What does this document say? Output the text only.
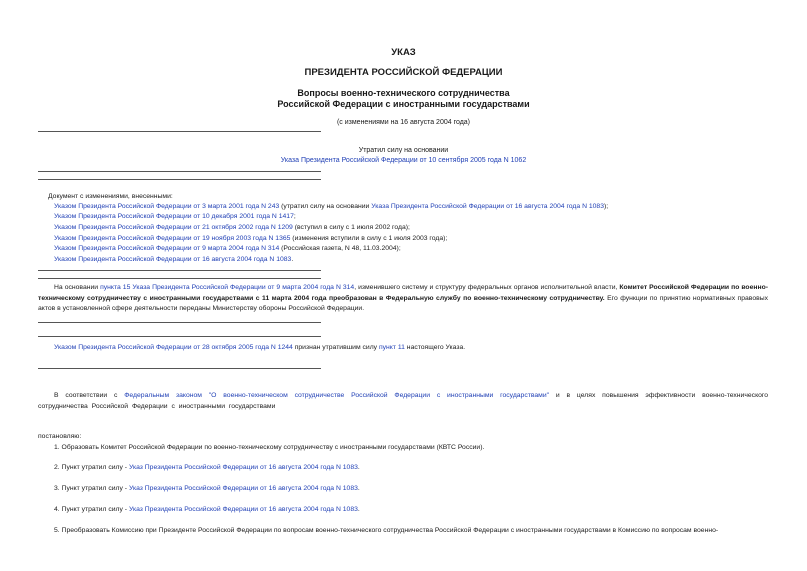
УКАЗ
ПРЕЗИДЕНТА РОССИЙСКОЙ ФЕДЕРАЦИИ
Вопросы военно-технического сотрудничества
Российской Федерации с иностранными государствами
(с изменениями на 16 августа 2004 года)
Утратил силу на основании
Указа Президента Российской Федерации от 10 сентября 2005 года N 1062
Документ с изменениями, внесенными:
Указом Президента Российской Федерации от 3 марта 2001 года N 243 (утратил силу на основании Указа Президента Российской Федерации от 16 августа 2004 года N 1083);
Указом Президента Российской Федерации от 10 декабря 2001 года N 1417;
Указом Президента Российской Федерации от 21 октября 2002 года N 1209 (вступил в силу с 1 июля 2002 года);
Указом Президента Российской Федерации от 19 ноября 2003 года N 1365 (изменения вступили в силу с 1 июля 2003 года);
Указом Президента Российской Федерации от 9 марта 2004 года N 314 (Российская газета, N 48, 11.03.2004);
Указом Президента Российской Федерации от 16 августа 2004 года N 1083.
На основании пункта 15 Указа Президента Российской Федерации от 9 марта 2004 года N 314, изменившего систему и структуру федеральных органов исполнительной власти, Комитет Российской Федерации по военно-техническому сотрудничеству с иностранными государствами с 11 марта 2004 года преобразован в Федеральную службу по военно-техническому сотрудничеству. Его функции по принятию нормативных правовых актов в установленной сфере деятельности переданы Министерству обороны Российской Федерации.
Указом Президента Российской Федерации от 28 октября 2005 года N 1244 признан утратившим силу пункт 11 настоящего Указа.
В соответствии с Федеральным законом "О военно-техническом сотрудничестве Российской Федерации с иностранными государствами" и в целях повышения эффективности военно-технического сотрудничества Российской Федерации с иностранными государствами
постановляю:
1. Образовать Комитет Российской Федерации по военно-техническому сотрудничеству с иностранными государствами (КВТС России).
2. Пункт утратил силу - Указ Президента Российской Федерации от 16 августа 2004 года N 1083.
3. Пункт утратил силу - Указ Президента Российской Федерации от 16 августа 2004 года N 1083.
4. Пункт утратил силу - Указ Президента Российской Федерации от 16 августа 2004 года N 1083.
5. Преобразовать Комиссию при Президенте Российской Федерации по вопросам военно-технического сотрудничества Российской Федерации с иностранными государствами в Комиссию по вопросам военно-
